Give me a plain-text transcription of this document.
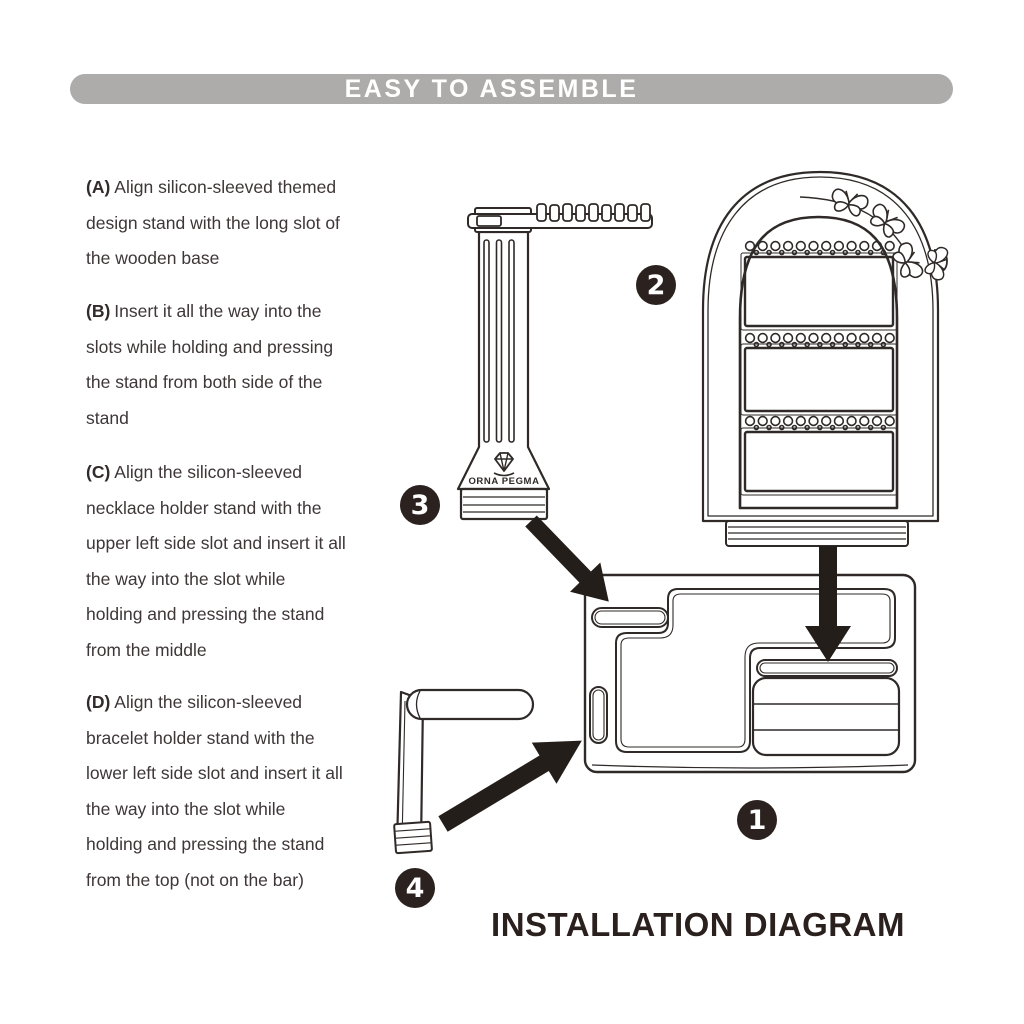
EASY TO ASSEMBLE

(A) Align silicon-sleeved themed design stand with the long slot of the wooden base

(B) Insert it all the way into the slots while holding and pressing the stand from both side of the stand

(C) Align the silicon-sleeved necklace holder stand with the upper left side slot and insert it all the way into the slot while holding and pressing the stand from the middle

(D) Align the silicon-sleeved bracelet holder stand with the lower left side slot and insert it all the way into the slot while holding and pressing the stand from the top (not on the bar)

ORNA PEGMA
1
2
3
4
INSTALLATION DIAGRAM
